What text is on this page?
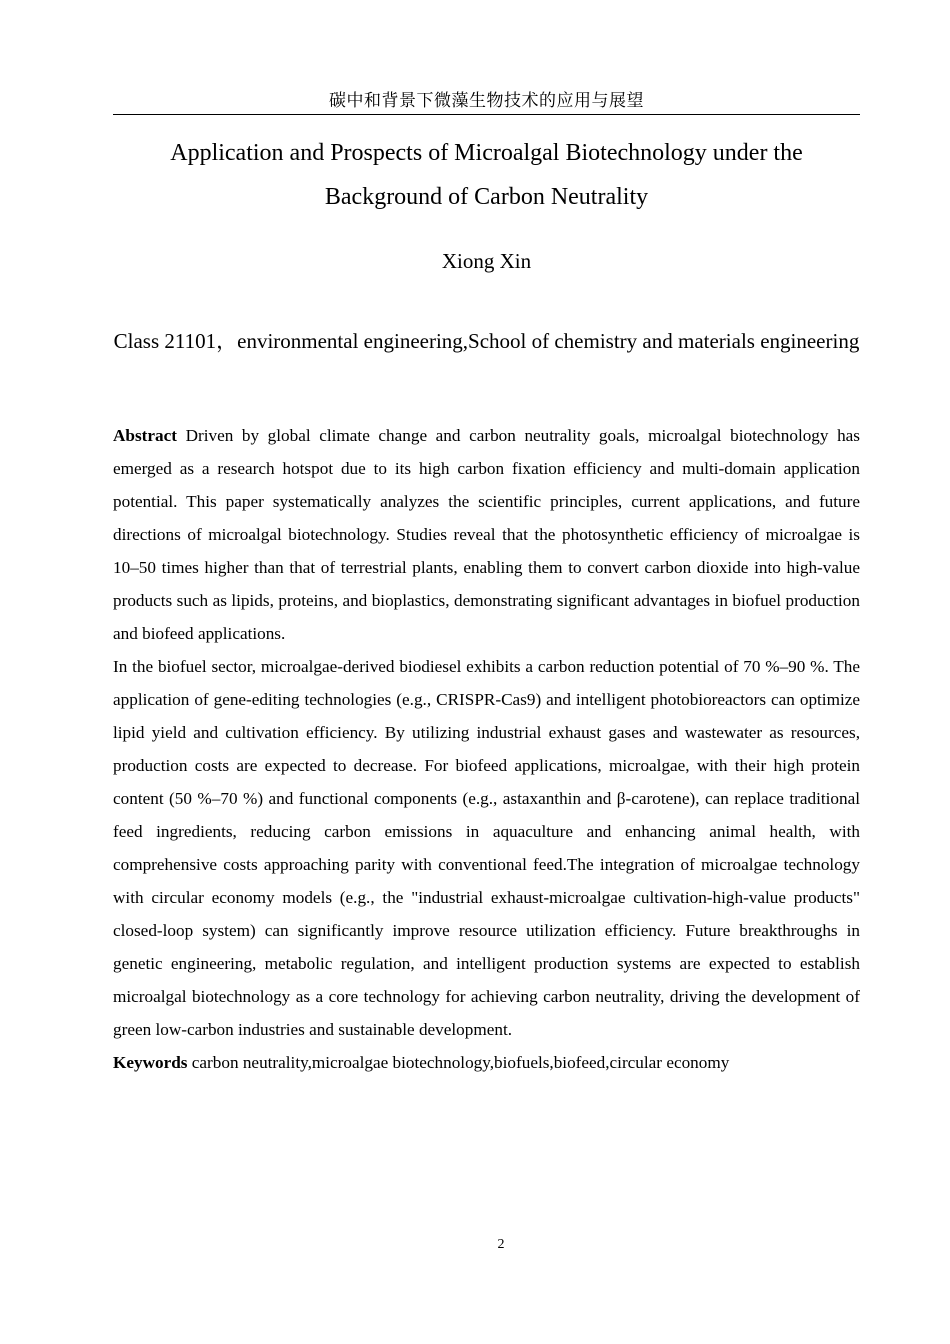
碳中和背景下微藻生物技术的应用与展望
Application and Prospects of Microalgal Biotechnology under the Background of Carbon Neutrality
Xiong Xin
Class 21101，environmental engineering,School of chemistry and materials engineering

Abstract Driven by global climate change and carbon neutrality goals, microalgal biotechnology has emerged as a research hotspot due to its high carbon fixation efficiency and multi-domain application potential. This paper systematically analyzes the scientific principles, current applications, and future directions of microalgal biotechnology. Studies reveal that the photosynthetic efficiency of microalgae is 10–50 times higher than that of terrestrial plants, enabling them to convert carbon dioxide into high-value products such as lipids, proteins, and bioplastics, demonstrating significant advantages in biofuel production and biofeed applications.

In the biofuel sector, microalgae-derived biodiesel exhibits a carbon reduction potential of 70 %–90 %. The application of gene-editing technologies (e.g., CRISPR-Cas9) and intelligent photobioreactors can optimize lipid yield and cultivation efficiency. By utilizing industrial exhaust gases and wastewater as resources, production costs are expected to decrease. For biofeed applications, microalgae, with their high protein content (50 %–70 %) and functional components (e.g., astaxanthin and β-carotene), can replace traditional feed ingredients, reducing carbon emissions in aquaculture and enhancing animal health, with comprehensive costs approaching parity with conventional feed.The integration of microalgae technology with circular economy models (e.g., the "industrial exhaust-microalgae cultivation-high-value products" closed-loop system) can significantly improve resource utilization efficiency. Future breakthroughs in genetic engineering, metabolic regulation, and intelligent production systems are expected to establish microalgal biotechnology as a core technology for achieving carbon neutrality, driving the development of green low-carbon industries and sustainable development.

Keywords carbon neutrality,microalgae biotechnology,biofuels,biofeed,circular economy

2
